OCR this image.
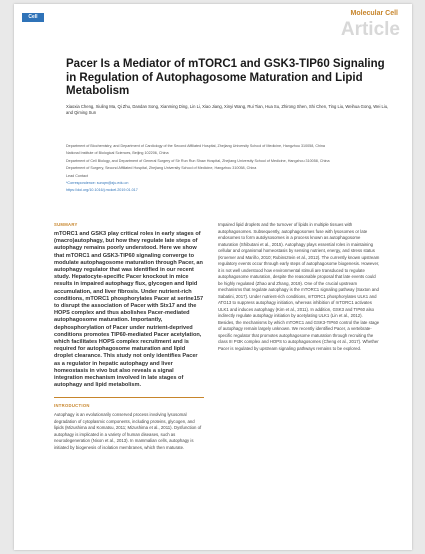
Cell Press
Molecular Cell
Article
Pacer Is a Mediator of mTORC1 and GSK3-TIP60 Signaling in Regulation of Autophagosome Maturation and Lipid Metabolism
Xiaoxia Cheng, Xiuling Ma, Qi Zhu, Dandan Song, Xianming Ding, Lin Li, Xiao Jiang, Xinyi Wang, Rui Tian, Hua Su, Zhirong Shen, Shi Chen, Ting Liu, Weihua Gong, Wei Liu, and Qiming Sun

Department of Biochemistry, and Department of Cardiology of the Second Affiliated Hospital, Zhejiang University School of Medicine, Hangzhou 310058, China

National Institute of Biological Sciences, Beijing 102206, China

Department of Cell Biology, and Department of General Surgery of Sir Run Run Shaw Hospital, Zhejiang University School of Medicine, Hangzhou 310058, China

Department of Surgery, Second Affiliated Hospital, Zhejiang University School of Medicine, Hangzhou 310058, China

Lead Contact

*Correspondence: sunqm@zju.edu.cn

https://doi.org/10.1016/j.molcel.2019.01.017

SUMMARY

mTORC1 and GSK3 play critical roles in early stages of (macro)autophagy, but how they regulate late steps of autophagy remains poorly understood. Here we show that mTORC1 and GSK3-TIP60 signaling converge to modulate autophagosome maturation through Pacer, an autophagy regulator that was identified in our recent study. Hepatocyte-specific Pacer knockout in mice results in impaired autophagy flux, glycogen and lipid accumulation, and liver fibrosis. Under nutrient-rich conditions, mTORC1 phosphorylates Pacer at serine157 to disrupt the association of Pacer with Stx17 and the HOPS complex and thus abolishes Pacer-mediated autophagosome maturation. Importantly, dephosphorylation of Pacer under nutrient-deprived conditions promotes TIP60-mediated Pacer acetylation, which facilitates HOPS complex recruitment and is required for autophagosome maturation and lipid droplet clearance. This study not only identifies Pacer as a regulator in hepatic autophagy and liver homeostasis in vivo but also reveals a signal integration mechanism involved in late stages of autophagy and lipid metabolism.

INTRODUCTION

Autophagy is an evolutionarily conserved process involving lysosomal degradation of cytoplasmic components, including proteins, glycogen, and lipids (Mizushima and Komatsu, 2011; Mizushima et al., 2011). Dysfunction of autophagy is implicated in a variety of human diseases, such as neurodegeneration (Nixon et al., 2013). In mammalian cells, autophagy is initiated by biogenesis of isolation membranes, which then maturate.

Impaired lipid droplets and the turnover of lipids in multiple tissues with autophagosomes. Subsequently, autophagosomes fuse with lysosomes or late endosomes to form autolysosomes in a process known as autophagosome maturation (Shibutani et al., 2015). Autophagy plays essential roles in maintaining cellular and organismal homeostasis by sensing nutrient, energy, and stress status (Kroemer and Mariño, 2010; Rubinsztein et al., 2012). The currently known upstream regulatory events occur through early steps of autophagosome biogenesis. However, it is not well understood how environmental stimuli are transduced to regulate autophagosome maturation, despite the reasonable proposal that late events could be highly regulated (Zhao and Zhang, 2019). One of the crucial upstream mechanisms that regulate autophagy is the mTORC1 signaling pathway (Saxton and Sabatini, 2017). Under nutrient-rich conditions, mTORC1 phosphorylates ULK1 and ATG13 to suppress autophagy initiation, whereas inhibition of mTORC1 activates ULK1 and induces autophagy (Kim et al., 2011). In addition, GSK3 and TIP60 also indirectly regulate autophagy initiation by acetylating ULK1 (Lin et al., 2012). Besides, the mechanisms by which mTORC1 and GSK3-TIP60 control the late stage of autophagy remain largely unknown. We recently identified Pacer, a vertebrate-specific regulator that promotes autophagosome maturation through recruiting the class III PI3K complex and HOPS to autophagosomes (Cheng et al., 2017). Whether Pacer is regulated by upstream signaling pathways remains to be explored.
